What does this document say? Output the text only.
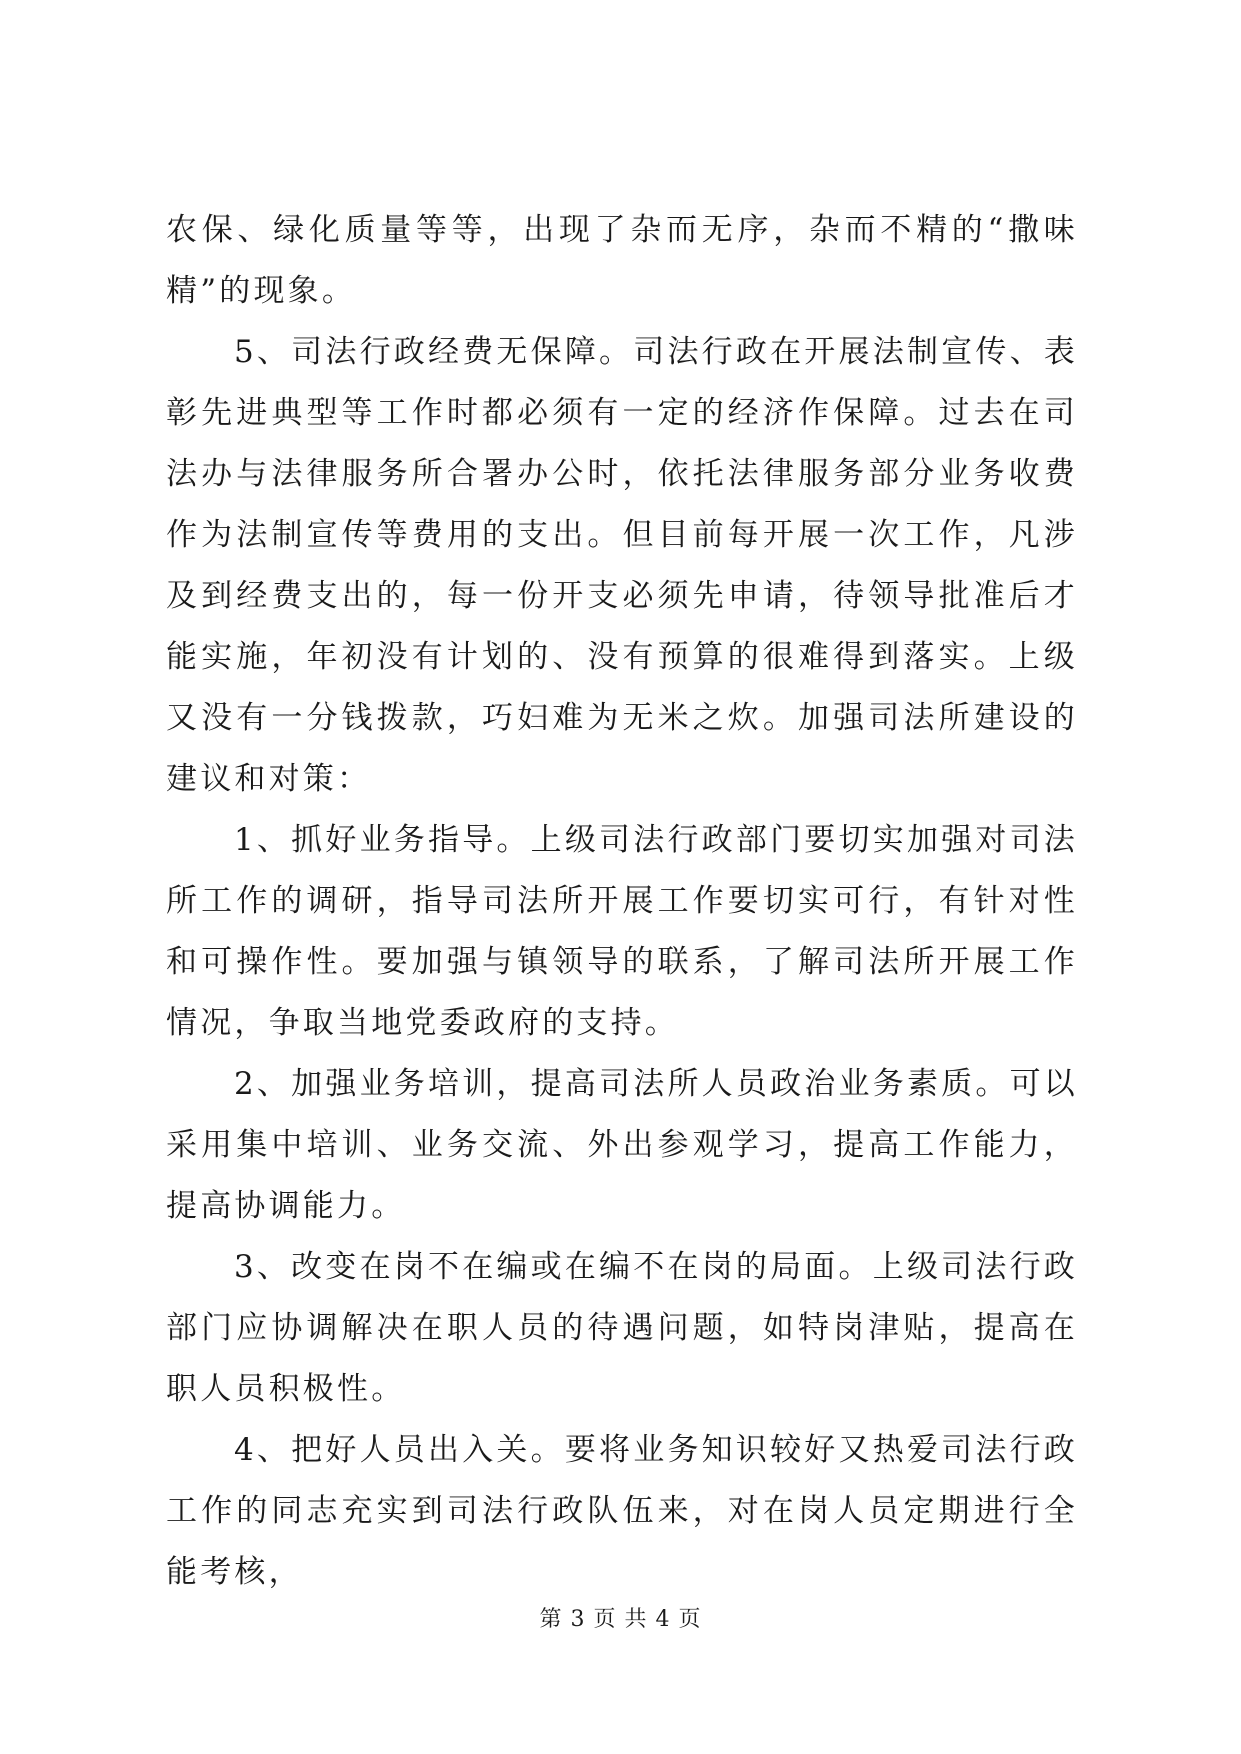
农保、绿化质量等等，出现了杂而无序，杂而不精的“撒味精”的现象。

5、司法行政经费无保障。司法行政在开展法制宣传、表彰先进典型等工作时都必须有一定的经济作保障。过去在司法办与法律服务所合署办公时，依托法律服务部分业务收费作为法制宣传等费用的支出。但目前每开展一次工作，凡涉及到经费支出的，每一份开支必须先申请，待领导批准后才能实施，年初没有计划的、没有预算的很难得到落实。上级又没有一分钱拨款，巧妇难为无米之炊。加强司法所建设的建议和对策：

1、抓好业务指导。上级司法行政部门要切实加强对司法所工作的调研，指导司法所开展工作要切实可行，有针对性和可操作性。要加强与镇领导的联系，了解司法所开展工作情况，争取当地党委政府的支持。

2、加强业务培训，提高司法所人员政治业务素质。可以采用集中培训、业务交流、外出参观学习，提高工作能力，提高协调能力。

3、改变在岗不在编或在编不在岗的局面。上级司法行政部门应协调解决在职人员的待遇问题，如特岗津贴，提高在职人员积极性。

4、把好人员出入关。要将业务知识较好又热爱司法行政工作的同志充实到司法行政队伍来，对在岗人员定期进行全能考核，

第 3 页 共 4 页
